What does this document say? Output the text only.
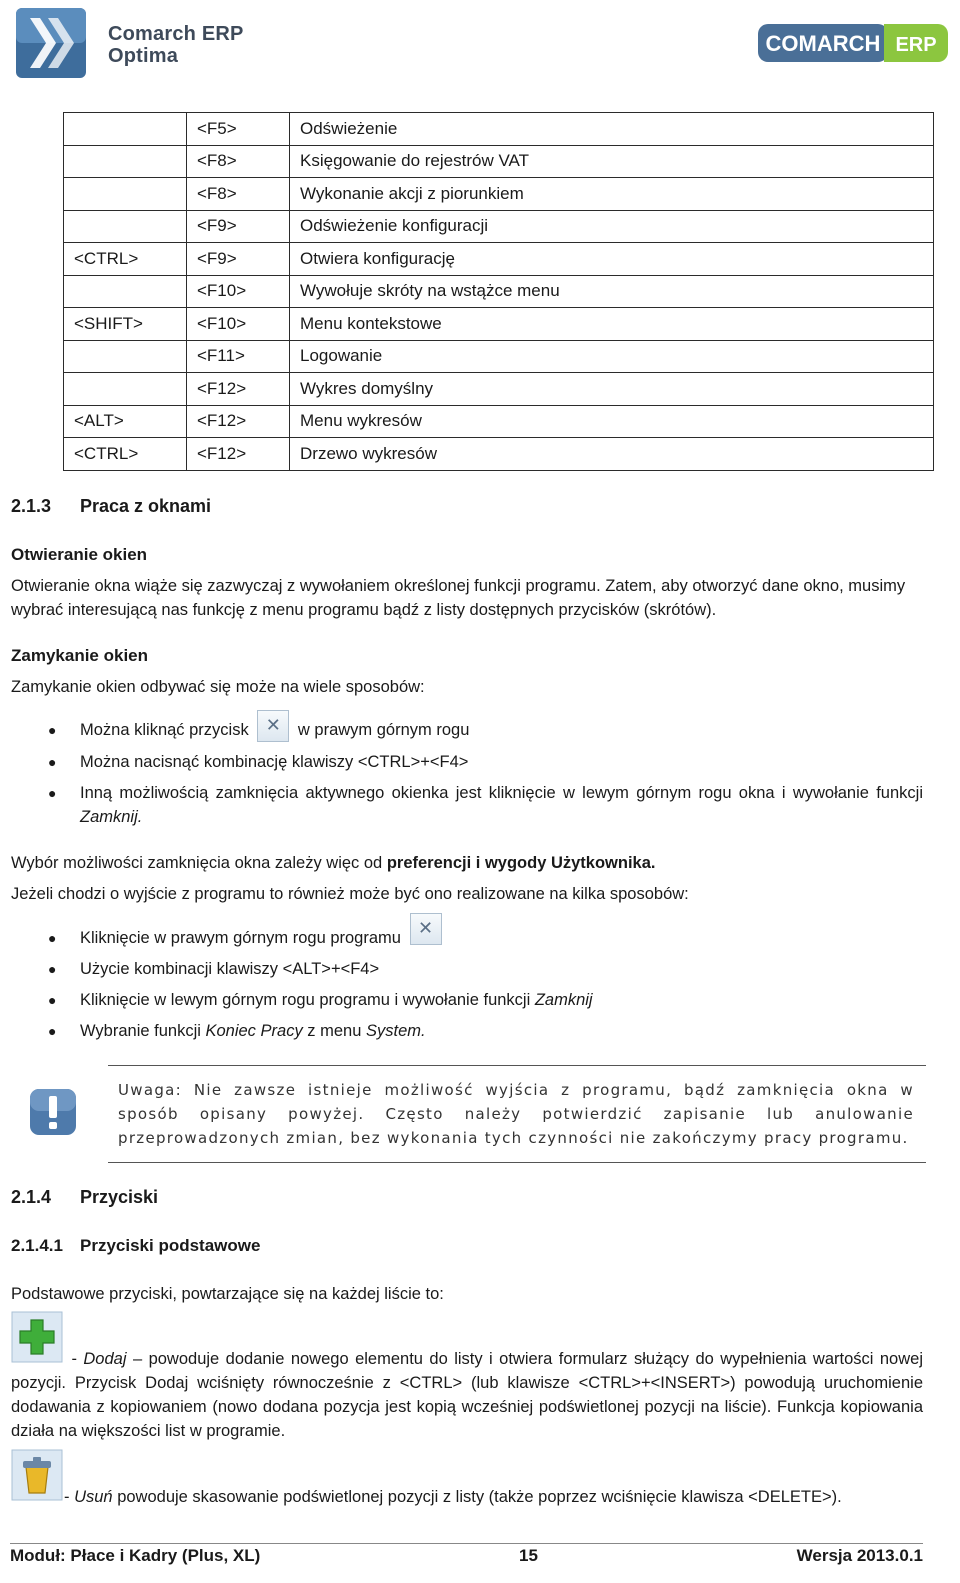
Comarch ERP
Optima	COMARCH ERP
	<F5>	Odświeżenie
	<F8>	Księgowanie do rejestrów VAT
	<F8>	Wykonanie akcji z piorunkiem
	<F9>	Odświeżenie konfiguracji
<CTRL>	<F9>	Otwiera konfigurację
	<F10>	Wywołuje skróty na wstążce menu
<SHIFT>	<F10>	Menu kontekstowe
	<F11>	Logowanie
	<F12>	Wykres domyślny
<ALT>	<F12>	Menu wykresów
<CTRL>	<F12>	Drzewo wykresów
2.1.3 Praca z oknami
Otwieranie okien
Otwieranie okna wiąże się zazwyczaj z wywołaniem określonej funkcji programu. Zatem, aby otworzyć dane okno, musimy wybrać interesującą nas funkcję z menu programu bądź z listy dostępnych przycisków (skrótów).
Zamykanie okien
Zamykanie okien odbywać się może na wiele sposobów:
● Można kliknąć przycisk ✕ w prawym górnym rogu
● Można nacisnąć kombinację klawiszy <CTRL>+<F4>
● Inną możliwością zamknięcia aktywnego okienka jest kliknięcie w lewym górnym rogu okna i wywołanie funkcji Zamknij.
Wybór możliwości zamknięcia okna zależy więc od preferencji i wygody Użytkownika.
Jeżeli chodzi o wyjście z programu to również może być ono realizowane na kilka sposobów:
● Kliknięcie w prawym górnym rogu programu ✕
● Użycie kombinacji klawiszy <ALT>+<F4>
● Kliknięcie w lewym górnym rogu programu i wywołanie funkcji Zamknij
● Wybranie funkcji Koniec Pracy z menu System.
Uwaga: Nie zawsze istnieje możliwość wyjścia z programu, bądź zamknięcia okna w sposób opisany powyżej. Często należy potwierdzić zapisanie lub anulowanie przeprowadzonych zmian, bez wykonania tych czynności nie zakończymy pracy programu.
2.1.4 Przyciski
2.1.4.1 Przyciski podstawowe
Podstawowe przyciski, powtarzające się na każdej liście to:
- Dodaj – powoduje dodanie nowego elementu do listy i otwiera formularz służący do wypełnienia wartości nowej pozycji. Przycisk Dodaj wciśnięty równocześnie z <CTRL> (lub klawisze <CTRL>+<INSERT>) powodują uruchomienie dodawania z kopiowaniem (nowo dodana pozycja jest kopią wcześniej podświetlonej pozycji na liście). Funkcja kopiowania działa na większości list w programie.
- Usuń powoduje skasowanie podświetlonej pozycji z listy (także poprzez wciśnięcie klawisza <DELETE>).
Moduł: Płace i Kadry (Plus, XL)	15	Wersja 2013.0.1
